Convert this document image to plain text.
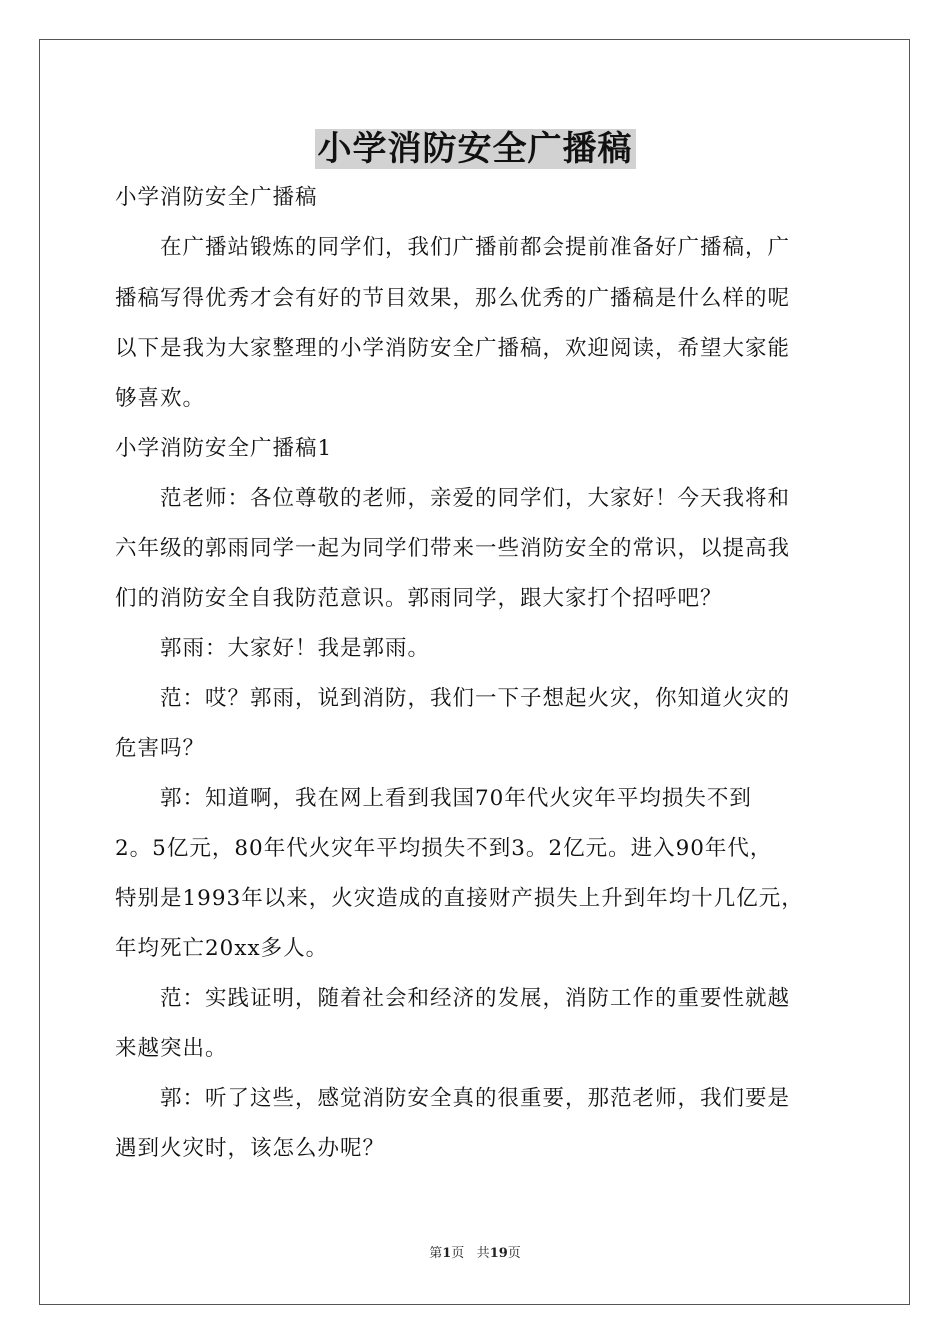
小学消防安全广播稿
小学消防安全广播稿
　　在广播站锻炼的同学们，我们广播前都会提前准备好广播稿，广
播稿写得优秀才会有好的节目效果，那么优秀的广播稿是什么样的呢
以下是我为大家整理的小学消防安全广播稿，欢迎阅读，希望大家能
够喜欢。
小学消防安全广播稿1
　　范老师：各位尊敬的老师，亲爱的同学们，大家好！今天我将和
六年级的郭雨同学一起为同学们带来一些消防安全的常识，以提高我
们的消防安全自我防范意识。郭雨同学，跟大家打个招呼吧？
　　郭雨：大家好！我是郭雨。
　　范：哎？郭雨，说到消防，我们一下子想起火灾，你知道火灾的
危害吗？
　　郭：知道啊，我在网上看到我国70年代火灾年平均损失不到
2。5亿元，80年代火灾年平均损失不到3。2亿元。进入90年代，
特别是1993年以来，火灾造成的直接财产损失上升到年均十几亿元，
年均死亡20xx多人。
　　范：实践证明，随着社会和经济的发展，消防工作的重要性就越
来越突出。
　　郭：听了这些，感觉消防安全真的很重要，那范老师，我们要是
遇到火灾时，该怎么办呢？
第1页 共19页
